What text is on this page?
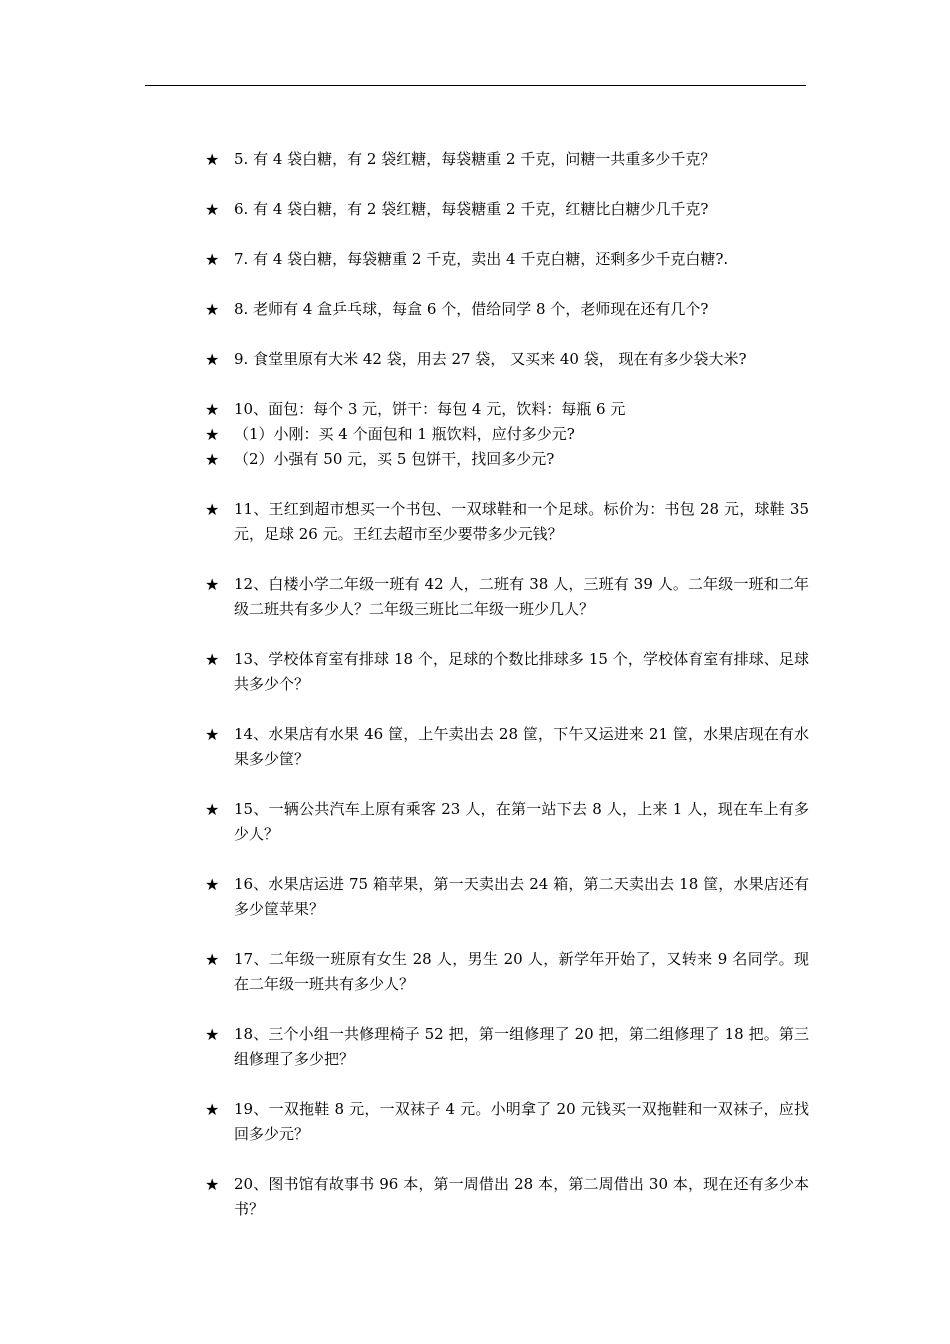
★ 5. 有 4 袋白糖，有 2 袋红糖，每袋糖重 2 千克，问糖一共重多少千克？
★ 6. 有 4 袋白糖，有 2 袋红糖，每袋糖重 2 千克，红糖比白糖少几千克?
★ 7. 有 4 袋白糖，每袋糖重 2 千克，卖出 4 千克白糖，还剩多少千克白糖?.
★ 8. 老师有 4 盒乒乓球，每盒 6 个，借给同学 8 个，老师现在还有几个?
★ 9. 食堂里原有大米 42 袋，用去 27 袋， 又买来 40 袋， 现在有多少袋大米?
★ 10、面包：每个 3 元，饼干：每包 4 元，饮料：每瓶 6 元
★ （1）小刚：买 4 个面包和 1 瓶饮料，应付多少元?
★ （2）小强有 50 元，买 5 包饼干，找回多少元?
★ 11、王红到超市想买一个书包、一双球鞋和一个足球。标价为：书包 28 元，球鞋 35 元，足球 26 元。王红去超市至少要带多少元钱？
★ 12、白楼小学二年级一班有 42 人，二班有 38 人，三班有 39 人。二年级一班和二年级二班共有多少人？二年级三班比二年级一班少几人？
★ 13、学校体育室有排球 18 个，足球的个数比排球多 15 个，学校体育室有排球、足球共多少个？
★ 14、水果店有水果 46 筐，上午卖出去 28 筐，下午又运进来 21 筐，水果店现在有水果多少筐？
★ 15、一辆公共汽车上原有乘客 23 人，在第一站下去 8 人，上来 1 人，现在车上有多少人？
★ 16、水果店运进 75 箱苹果，第一天卖出去 24 箱，第二天卖出去 18 筐，水果店还有多少筐苹果？
★ 17、二年级一班原有女生 28 人，男生 20 人，新学年开始了，又转来 9 名同学。现在二年级一班共有多少人？
★ 18、三个小组一共修理椅子 52 把，第一组修理了 20 把，第二组修理了 18 把。第三组修理了多少把？
★ 19、一双拖鞋 8 元，一双袜子 4 元。小明拿了 20 元钱买一双拖鞋和一双袜子，应找回多少元？
★ 20、图书馆有故事书 96 本，第一周借出 28 本，第二周借出 30 本，现在还有多少本书？
